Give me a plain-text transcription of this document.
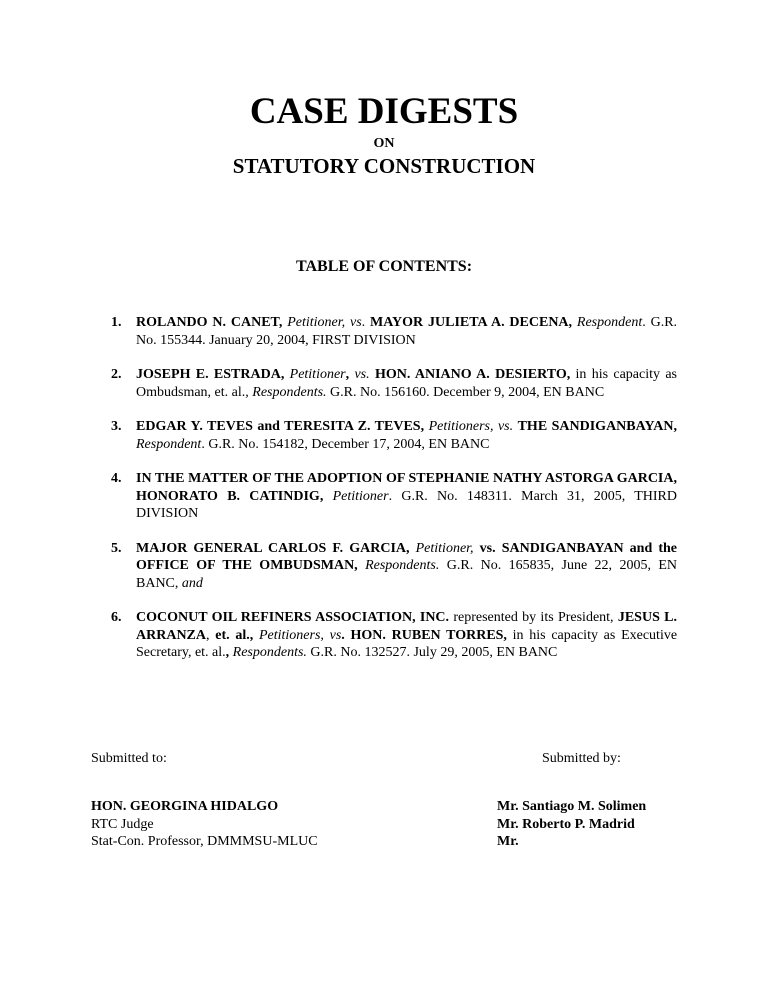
CASE DIGESTS
ON
STATUTORY CONSTRUCTION
TABLE OF CONTENTS:
1. ROLANDO N. CANET, Petitioner, vs. MAYOR JULIETA A. DECENA, Respondent. G.R. No. 155344. January 20, 2004, FIRST DIVISION
2. JOSEPH E. ESTRADA, Petitioner, vs. HON. ANIANO A. DESIERTO, in his capacity as Ombudsman, et. al., Respondents. G.R. No. 156160. December 9, 2004, EN BANC
3. EDGAR Y. TEVES and TERESITA Z. TEVES, Petitioners, vs. THE SANDIGANBAYAN, Respondent. G.R. No. 154182, December 17, 2004, EN BANC
4. IN THE MATTER OF THE ADOPTION OF STEPHANIE NATHY ASTORGA GARCIA, HONORATO B. CATINDIG, Petitioner. G.R. No. 148311. March 31, 2005, THIRD DIVISION
5. MAJOR GENERAL CARLOS F. GARCIA, Petitioner, vs. SANDIGANBAYAN and the OFFICE OF THE OMBUDSMAN, Respondents. G.R. No. 165835, June 22, 2005, EN BANC, and
6. COCONUT OIL REFINERS ASSOCIATION, INC. represented by its President, JESUS L. ARRANZA, et. al., Petitioners, vs. HON. RUBEN TORRES, in his capacity as Executive Secretary, et. al., Respondents. G.R. No. 132527. July 29, 2005, EN BANC
Submitted to:	Submitted by:
HON. GEORGINA HIDALGO
RTC Judge
Stat-Con. Professor, DMMMSU-MLUC
Mr. Santiago M. Solimen
Mr. Roberto P. Madrid
Mr.
